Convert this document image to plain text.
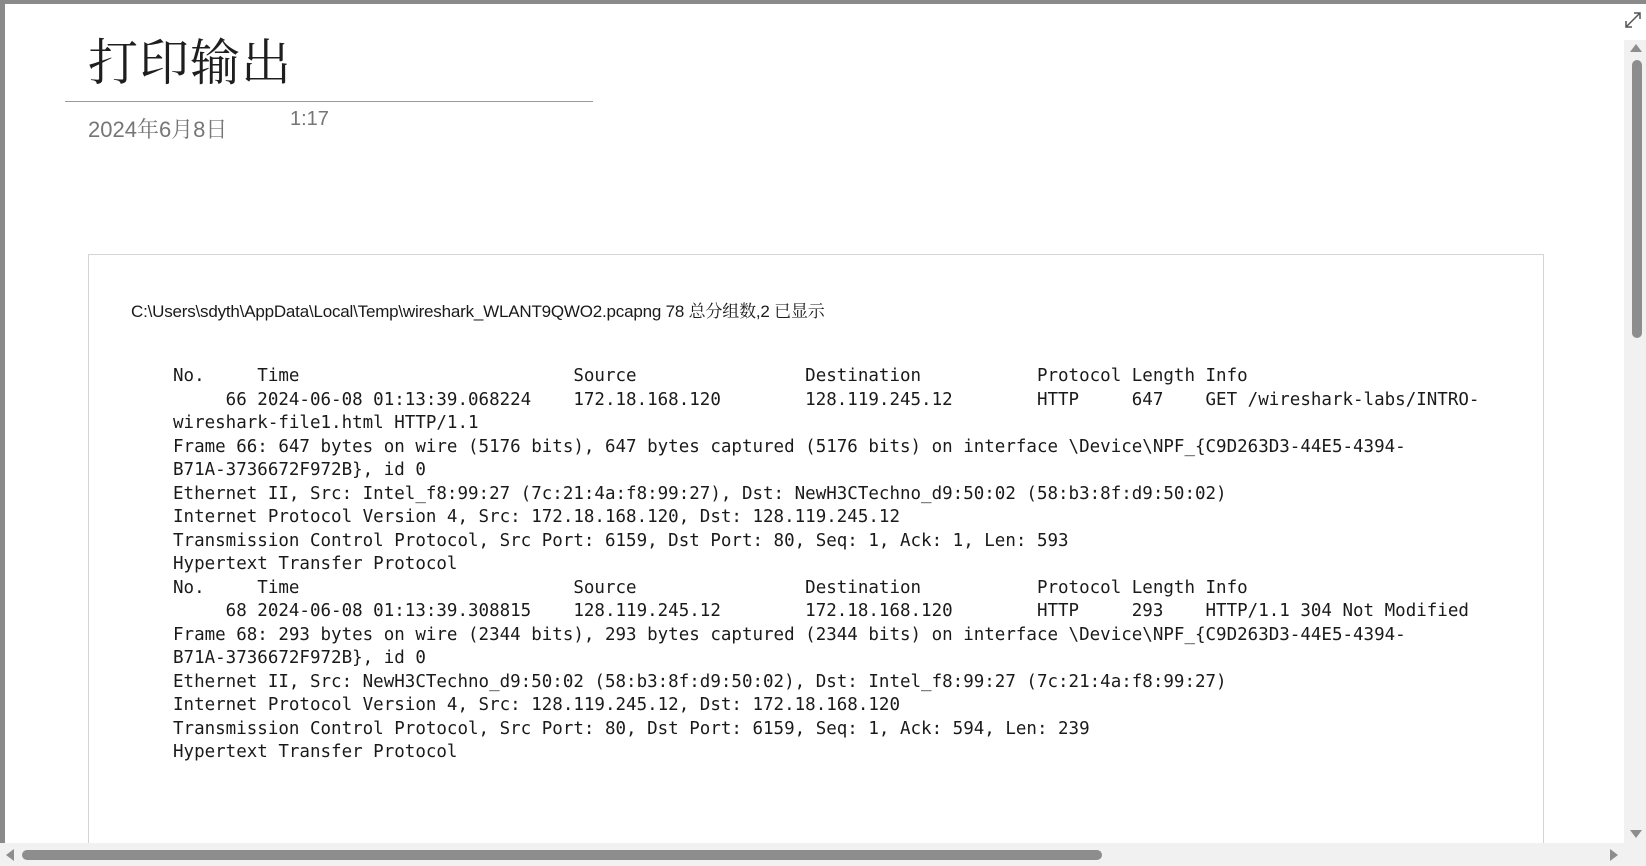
打印输出
2024年6月8日	1:17
C:\Users\sdyth\AppData\Local\Temp\wireshark_WLANT9QWO2.pcapng 78 总分组数,2 已显示
No.     Time                          Source                Destination           Protocol Length Info
66 2024-06-08 01:13:39.068224    172.18.168.120        128.119.245.12        HTTP     647    GET /wireshark-labs/INTRO-
wireshark-file1.html HTTP/1.1
Frame 66: 647 bytes on wire (5176 bits), 647 bytes captured (5176 bits) on interface \Device\NPF_{C9D263D3-44E5-4394-
B71A-3736672F972B}, id 0
Ethernet II, Src: Intel_f8:99:27 (7c:21:4a:f8:99:27), Dst: NewH3CTechno_d9:50:02 (58:b3:8f:d9:50:02)
Internet Protocol Version 4, Src: 172.18.168.120, Dst: 128.119.245.12
Transmission Control Protocol, Src Port: 6159, Dst Port: 80, Seq: 1, Ack: 1, Len: 593
Hypertext Transfer Protocol
No.     Time                          Source                Destination           Protocol Length Info
68 2024-06-08 01:13:39.308815    128.119.245.12        172.18.168.120        HTTP     293    HTTP/1.1 304 Not Modified
Frame 68: 293 bytes on wire (2344 bits), 293 bytes captured (2344 bits) on interface \Device\NPF_{C9D263D3-44E5-4394-
B71A-3736672F972B}, id 0
Ethernet II, Src: NewH3CTechno_d9:50:02 (58:b3:8f:d9:50:02), Dst: Intel_f8:99:27 (7c:21:4a:f8:99:27)
Internet Protocol Version 4, Src: 128.119.245.12, Dst: 172.18.168.120
Transmission Control Protocol, Src Port: 80, Dst Port: 6159, Seq: 1, Ack: 594, Len: 239
Hypertext Transfer Protocol
